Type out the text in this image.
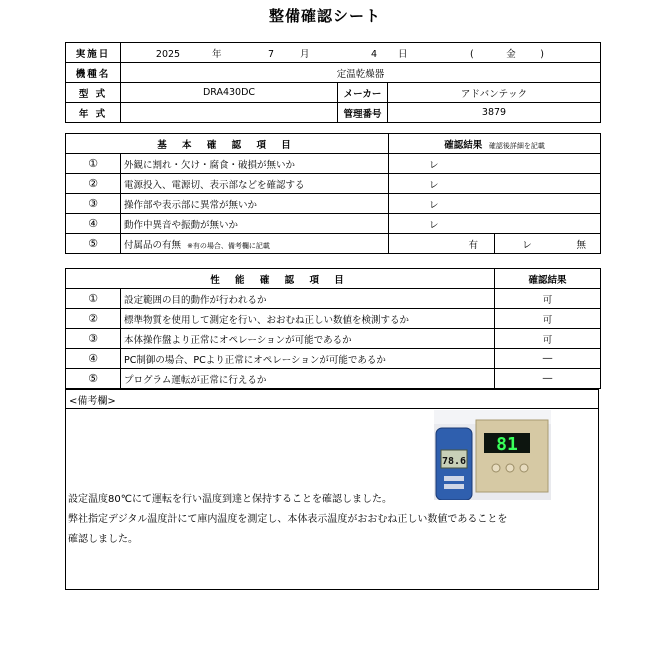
整備確認シート
実施日	2025 年 7 月 4 日 ( 金 )		
機種名	定温乾燥器		
型 式	DRA430DC	メーカー	アドバンテック
年 式		管理番号	3879
基 本 確 認 項 目		確認結果 確認後詳細を記載	
①	外観に割れ・欠け・腐食・破損が無いか	レ	
②	電源投入、電源切、表示部などを確認する	レ	
③	操作部や表示部に異常が無いか	レ	
④	動作中異音や振動が無いか	レ	
⑤	付属品の有無 ※有の場合、備考欄に記載	有	レ 無
性 能 確 認 項 目		確認結果
①	設定範囲の目的動作が行われるか	可
②	標準物質を使用して測定を行い、おおむね正しい数値を検測するか	可
③	本体操作盤より正常にオペレーションが可能であるか	可
④	PC制御の場合、PCより正常にオペレーションが可能であるか	―
⑤	プログラム運転が正常に行えるか	―
<備考欄>
81
78.6
設定温度80℃にて運転を行い温度到達と保持することを確認しました。
弊社指定デジタル温度計にて庫内温度を測定し、本体表示温度がおおむね正しい数値であることを
確認しました。
